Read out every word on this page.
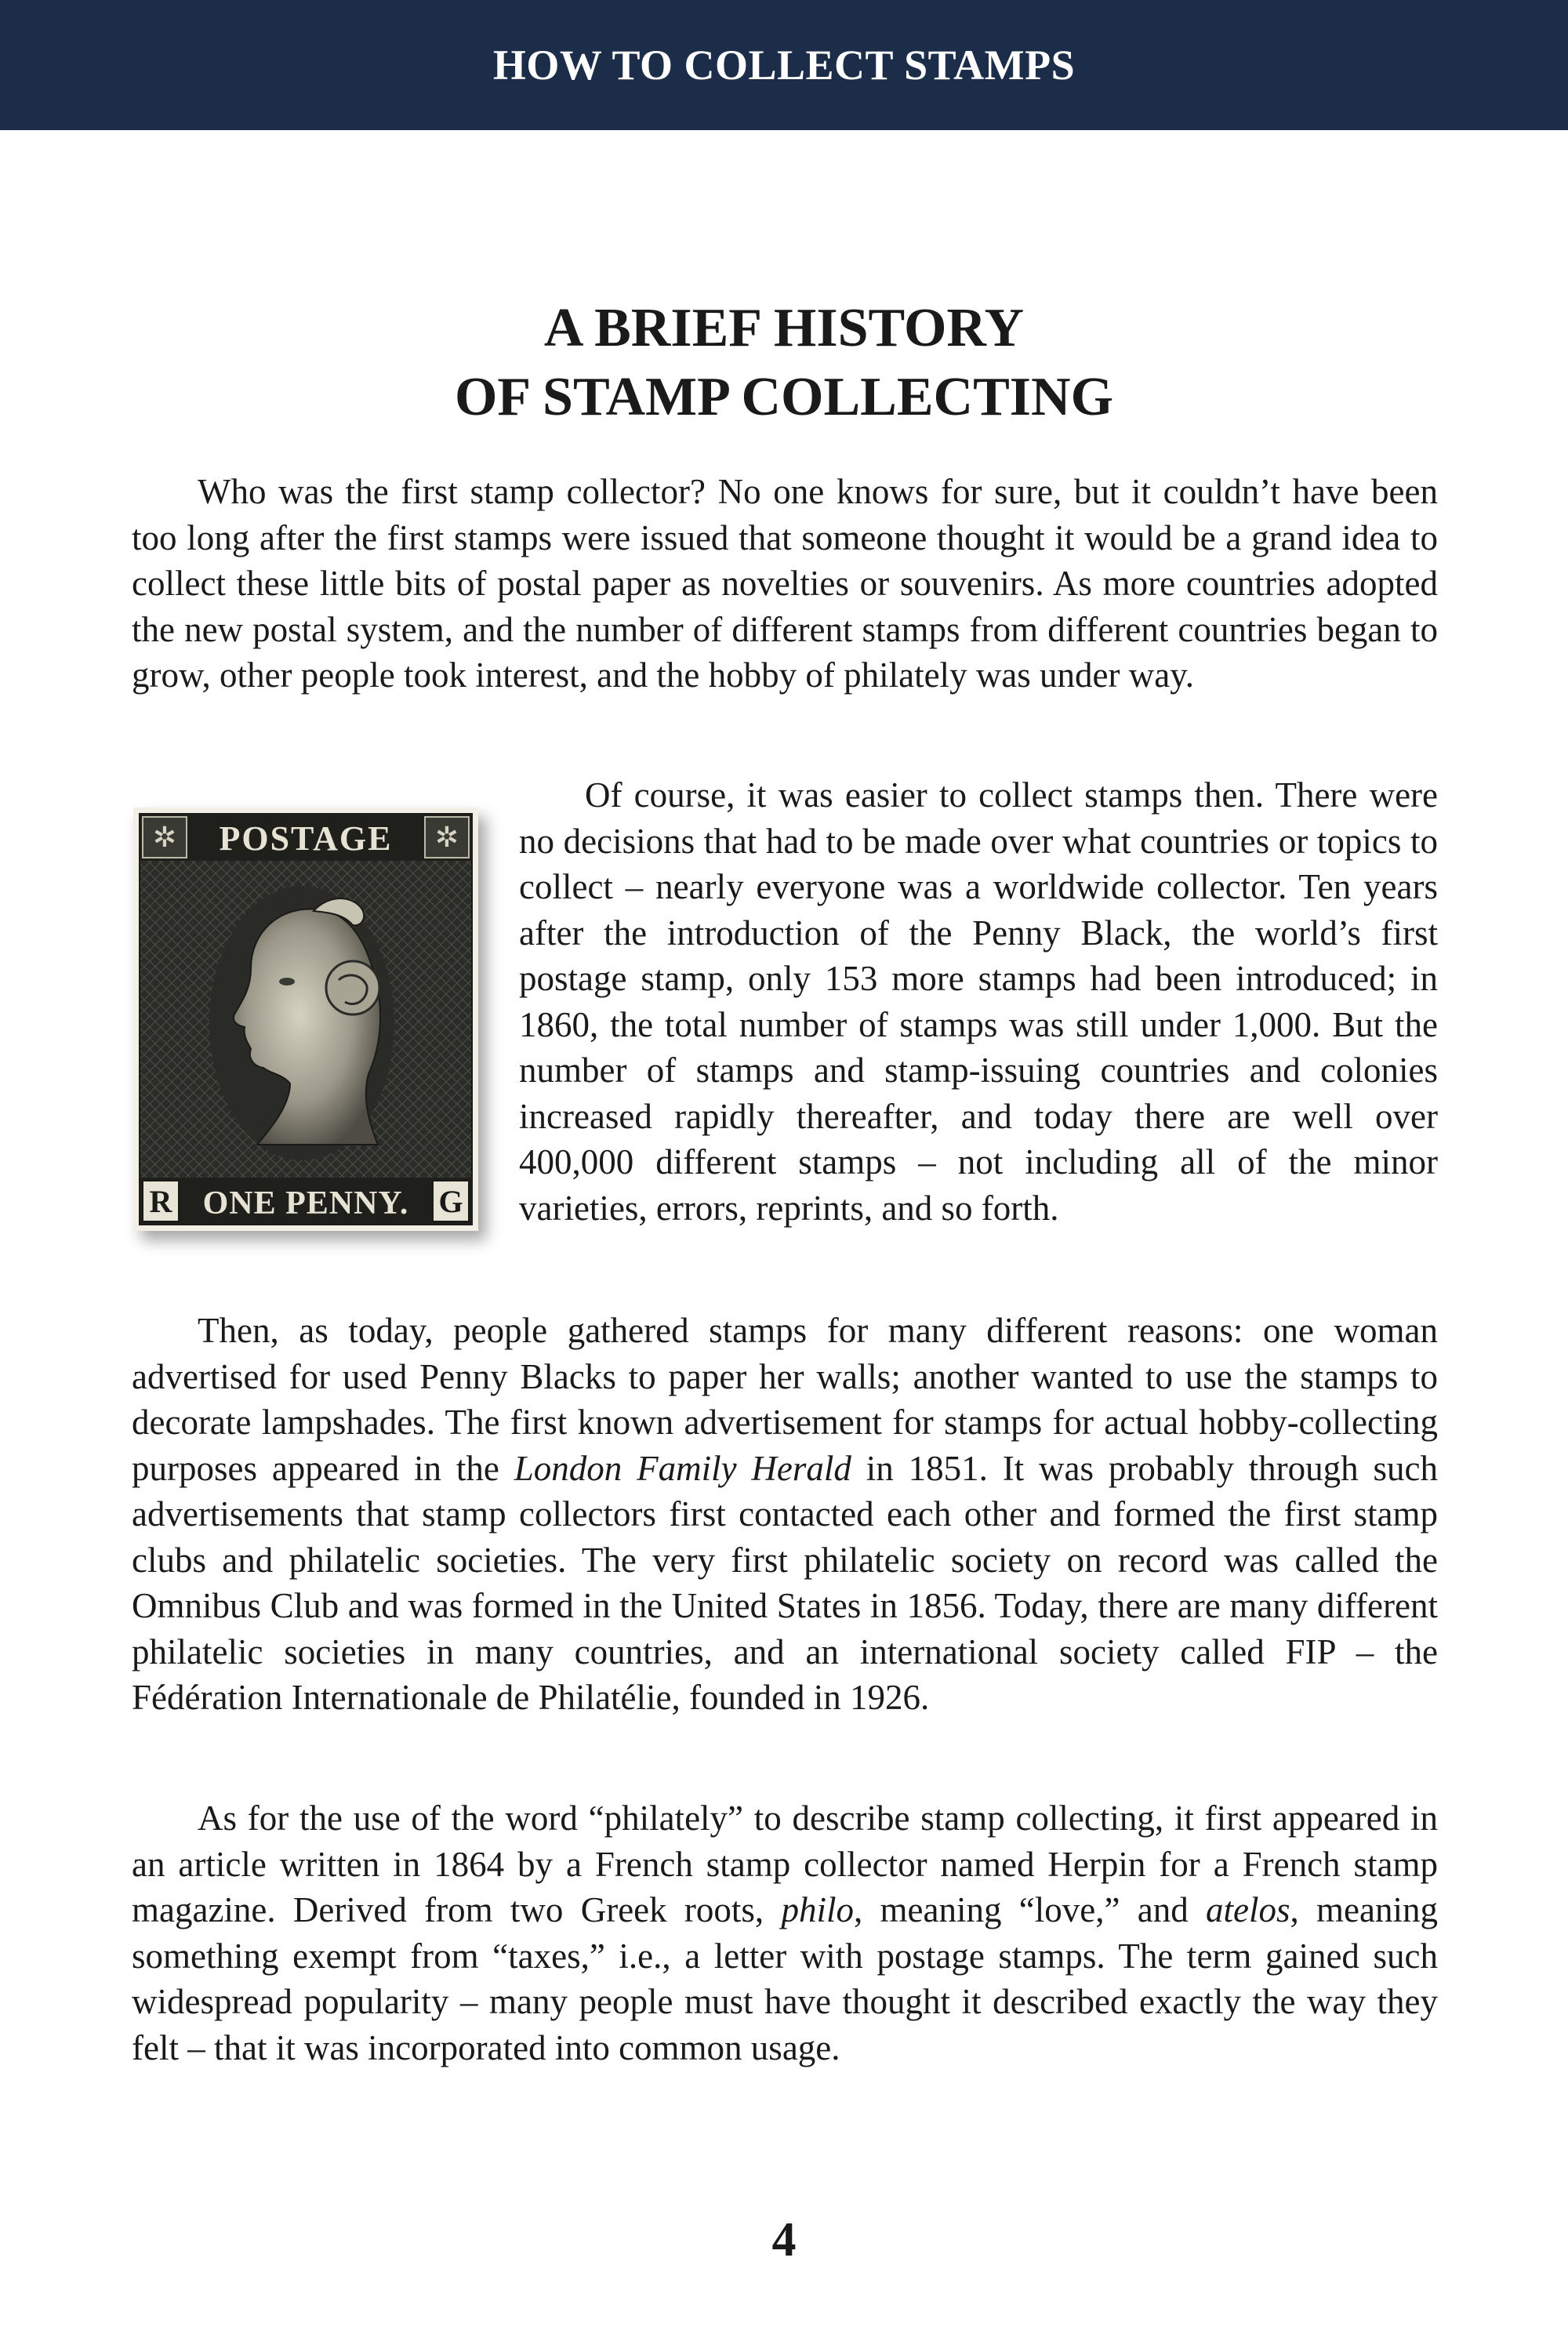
HOW TO COLLECT STAMPS
A BRIEF HISTORY
OF STAMP COLLECTING

Who was the first stamp collector? No one knows for sure, but it couldn’t have been too long after the first stamps were issued that someone thought it would be a grand idea to collect these little bits of postal paper as novelties or souvenirs. As more countries adopted the new postal system, and the number of different stamps from different countries began to grow, other people took interest, and the hobby of philately was under way.

✲	✲
POSTAGE
R	G
ONE PENNY.

Of course, it was easier to collect stamps then. There were no decisions that had to be made over what countries or topics to collect – nearly everyone was a worldwide collector. Ten years after the introduction of the Penny Black, the world’s first postage stamp, only 153 more stamps had been introduced; in 1860, the total number of stamps was still under 1,000. But the number of stamps and stamp-issuing countries and colonies increased rapidly thereafter, and today there are well over 400,000 different stamps – not including all of the minor varieties, errors, reprints, and so forth.

Then, as today, people gathered stamps for many different reasons: one woman advertised for used Penny Blacks to paper her walls; another wanted to use the stamps to decorate lampshades. The first known advertisement for stamps for actual hobby-collecting purposes appeared in the London Family Herald in 1851. It was probably through such advertisements that stamp collectors first contacted each other and formed the first stamp clubs and philatelic societies. The very first philatelic society on record was called the Omnibus Club and was formed in the United States in 1856. Today, there are many different philatelic societies in many countries, and an international society called FIP – the Fédération Internationale de Philatélie, founded in 1926.

As for the use of the word “philately” to describe stamp collecting, it first appeared in an article written in 1864 by a French stamp collector named Herpin for a French stamp magazine. Derived from two Greek roots, philo, meaning “love,” and atelos, meaning something exempt from “taxes,” i.e., a letter with postage stamps. The term gained such widespread popularity – many people must have thought it described exactly the way they felt – that it was incorporated into common usage.

4
